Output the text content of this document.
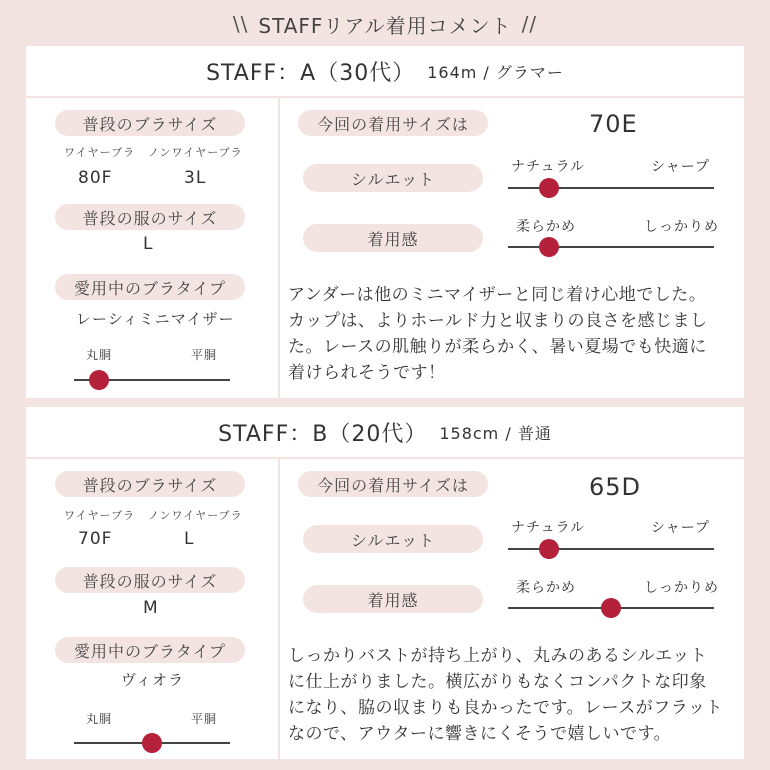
\\ STAFFリアル着用コメント //
STAFF：A（30代） 164m / グラマー
普段のブラサイズ
ワイヤーブラ ノンワイヤーブラ
80F	3L
普段の服のサイズ
L
愛用中のブラタイプ
レーシィミニマイザー
丸胴	平胴
今回の着用サイズは	70E
ナチュラル	シャープ
シルエット
柔らかめ	しっかりめ
着用感
アンダーは他のミニマイザーと同じ着け心地でした。
カップは、よりホールド力と収まりの良さを感じまし
た。レースの肌触りが柔らかく、暑い夏場でも快適に
着けられそうです！
STAFF：B（20代） 158cm / 普通
普段のブラサイズ
ワイヤーブラ ノンワイヤーブラ
70F	L
普段の服のサイズ
M
愛用中のブラタイプ
ヴィオラ
丸胴	平胴
今回の着用サイズは	65D
ナチュラル	シャープ
シルエット
柔らかめ	しっかりめ
着用感
しっかりバストが持ち上がり、丸みのあるシルエット
に仕上がりました。横広がりもなくコンパクトな印象
になり、脇の収まりも良かったです。レースがフラット
なので、アウターに響きにくそうで嬉しいです。
